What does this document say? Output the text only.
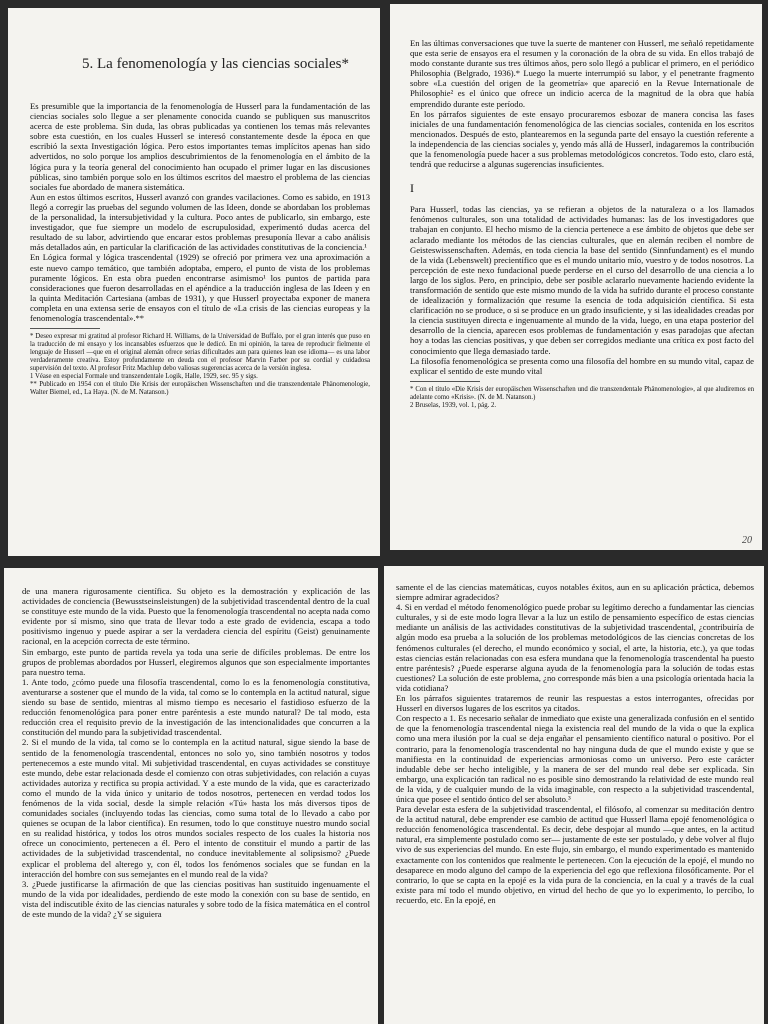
5. La fenomenología y las ciencias sociales*

Es presumible que la importancia de la fenomenología de Husserl para la fundamentación de las ciencias sociales solo llegue a ser plenamente conocida cuando se publiquen sus manuscritos acerca de este problema. Sin duda, las obras publicadas ya contienen los temas más relevantes sobre esta cuestión, en los cuales Husserl se interesó constantemente desde la época en que escribió la sexta Investigación lógica. Pero estos importantes temas implícitos apenas han sido advertidos, no solo porque los amplios descubrimientos de la fenomenología en el ámbito de la lógica pura y la teoría general del conocimiento han ocupado el primer lugar en las discusiones públicas, sino también porque solo en los últimos escritos del maestro el problema de las ciencias sociales fue abordado de manera sistemática.

Aun en estos últimos escritos, Husserl avanzó con grandes vacilaciones. Como es sabido, en 1913 llegó a corregir las pruebas del segundo volumen de las Ideen, donde se abordaban los problemas de la personalidad, la intersubjetividad y la cultura. Poco antes de publicarlo, sin embargo, este investigador, que fue siempre un modelo de escrupulosidad, experimentó dudas acerca del resultado de su labor, advirtiendo que encarar estos problemas presuponía llevar a cabo análisis más detallados aún, en particular la clarificación de las actividades constitutivas de la conciencia.¹

En Lógica formal y lógica trascendental (1929) se ofreció por primera vez una aproximación a este nuevo campo temático, que también adoptaba, empero, el punto de vista de los problemas puramente lógicos. En esta obra pueden encontrarse asimismo¹ los puntos de partida para consideraciones que fueron desarrolladas en el apéndice a la traducción inglesa de las Ideen y en la quinta Meditación Cartesiana (ambas de 1931), y que Husserl proyectaba exponer de manera completa en una extensa serie de ensayos con el título de «La crisis de las ciencias europeas y la fenomenología trascendental».**

* Deseo expresar mi gratitud al profesor Richard H. Williams, de la Universidad de Buffalo, por el gran interés que puso en la traducción de mi ensayo y los incansables esfuerzos que le dedicó. En mi opinión, la tarea de reproducir fielmente el lenguaje de Husserl —que en el original alemán ofrece serias dificultades aun para quienes lean ese idioma— es una labor verdaderamente creativa. Estoy profundamente en deuda con el profesor Marvin Farber por su cordial y cuidadosa supervisión del texto. Al profesor Fritz Machlup debo valiosas sugerencias acerca de la versión inglesa.

1 Véase en especial Formale und transzendentale Logik, Halle, 1929, sec. 95 y sigs.

** Publicado en 1954 con el título Die Krisis der europäischen Wissenschaften und die transzendentale Phänomenologie, Walter Biemel, ed., La Haya. (N. de M. Natanson.)

En las últimas conversaciones que tuve la suerte de mantener con Husserl, me señaló repetidamente que esta serie de ensayos era el resumen y la coronación de la obra de su vida. En ellos trabajó de modo constante durante sus tres últimos años, pero solo llegó a publicar el primero, en el periódico Philosophia (Belgrado, 1936).* Luego la muerte interrumpió su labor, y el penetrante fragmento sobre «La cuestión del origen de la geometría» que apareció en la Revue Internationale de Philosophie² es el único que ofrece un indicio acerca de la magnitud de la obra que había emprendido durante este período.

En los párrafos siguientes de este ensayo procuraremos esbozar de manera concisa las fases iniciales de una fundamentación fenomenológica de las ciencias sociales, contenida en los escritos mencionados. Después de esto, plantearemos en la segunda parte del ensayo la cuestión referente a la independencia de las ciencias sociales y, yendo más allá de Husserl, indagaremos la contribución que la fenomenología puede hacer a sus problemas metodológicos concretos. Todo esto, claro está, tendrá que reducirse a algunas sugerencias insuficientes.

I

Para Husserl, todas las ciencias, ya se refieran a objetos de la naturaleza o a los llamados fenómenos culturales, son una totalidad de actividades humanas: las de los investigadores que trabajan en conjunto. El hecho mismo de la ciencia pertenece a ese ámbito de objetos que debe ser aclarado mediante los métodos de las ciencias culturales, que en alemán reciben el nombre de Geisteswissenschaften. Además, en toda ciencia la base del sentido (Sinnfundament) es el mundo de la vida (Lebenswelt) precientífico que es el mundo unitario mío, vuestro y de todos nosotros. La percepción de este nexo fundacional puede perderse en el curso del desarrollo de una ciencia a lo largo de los siglos. Pero, en principio, debe ser posible aclararlo nuevamente haciendo evidente la transformación de sentido que este mismo mundo de la vida ha sufrido durante el proceso constante de idealización y formalización que resume la esencia de toda adquisición científica. Si esta clarificación no se produce, o si se produce en un grado insuficiente, y si las idealidades creadas por la ciencia sustituyen directa e ingenuamente al mundo de la vida, luego, en una etapa posterior del desarrollo de la ciencia, aparecen esos problemas de fundamentación y esas paradojas que afectan hoy a todas las ciencias positivas, y que deben ser corregidos mediante una crítica ex post facto del conocimiento que llega demasiado tarde.

La filosofía fenomenológica se presenta como una filosofía del hombre en su mundo vital, capaz de explicar el sentido de este mundo vital

* Con el título «Die Krisis der europäischen Wissenschaften und die transzendentale Phänomenologie», al que aludiremos en adelante como «Krisis». (N. de M. Natanson.)

2 Bruselas, 1939, vol. 1, pág. 2.

20

de una manera rigurosamente científica. Su objeto es la demostración y explicación de las actividades de conciencia (Bewusstseinsleistungen) de la subjetividad trascendental dentro de la cual se constituye este mundo de la vida. Puesto que la fenomenología trascendental no acepta nada como evidente por sí mismo, sino que trata de llevar todo a este grado de evidencia, escapa a todo positivismo ingenuo y puede aspirar a ser la verdadera ciencia del espíritu (Geist) genuinamente racional, en la acepción correcta de este término.

Sin embargo, este punto de partida revela ya toda una serie de difíciles problemas. De entre los grupos de problemas abordados por Husserl, elegiremos algunos que son especialmente importantes para nuestro tema.

1. Ante todo, ¿cómo puede una filosofía trascendental, como lo es la fenomenología constitutiva, aventurarse a sostener que el mundo de la vida, tal como se lo contempla en la actitud natural, sigue siendo su base de sentido, mientras al mismo tiempo es necesario el fastidioso esfuerzo de la reducción fenomenológica para poner entre paréntesis a este mundo natural? De tal modo, esta reducción crea el requisito previo de la investigación de las intencionalidades que concurren a la constitución del mundo para la subjetividad trascendental.

2. Si el mundo de la vida, tal como se lo contempla en la actitud natural, sigue siendo la base de sentido de la fenomenología trascendental, entonces no solo yo, sino también nosotros y todos pertenecemos a este mundo vital. Mi subjetividad trascendental, en cuyas actividades se constituye este mundo, debe estar relacionada desde el comienzo con otras subjetividades, con relación a cuyas actividades autoriza y rectifica su propia actividad. Y a este mundo de la vida, que es caracterizado como el mundo de la vida único y unitario de todos nosotros, pertenecen en verdad todos los fenómenos de la vida social, desde la simple relación «Tú» hasta los más diversos tipos de comunidades sociales (incluyendo todas las ciencias, como suma total de lo llevado a cabo por quienes se ocupan de la labor científica). En resumen, todo lo que constituye nuestro mundo social en su realidad histórica, y todos los otros mundos sociales respecto de los cuales la historia nos ofrece un conocimiento, pertenecen a él. Pero el intento de constituir el mundo a partir de las actividades de la subjetividad trascendental, no conduce inevitablemente al solipsismo? ¿Puede explicar el problema del alterego y, con él, todos los fenómenos sociales que se fundan en la interacción del hombre con sus semejantes en el mundo real de la vida?

3. ¿Puede justificarse la afirmación de que las ciencias positivas han sustituido ingenuamente el mundo de la vida por idealidades, perdiendo de este modo la conexión con su base de sentido, en vista del indiscutible éxito de las ciencias naturales y sobre todo de la física matemática en el control de este mundo de la vida? ¿Y se siguiera

samente el de las ciencias matemáticas, cuyos notables éxitos, aun en su aplicación práctica, debemos siempre admirar agradecidos?

4. Si en verdad el método fenomenológico puede probar su legítimo derecho a fundamentar las ciencias culturales, y si de este modo logra llevar a la luz un estilo de pensamiento específico de estas ciencias mediante un análisis de las actividades constitutivas de la subjetividad trascendental, ¿contribuiría de algún modo esa prueba a la solución de los problemas metodológicos de las ciencias concretas de los fenómenos culturales (el derecho, el mundo económico y social, el arte, la historia, etc.), ya que todas estas ciencias están relacionadas con esa esfera mundana que la fenomenología trascendental ha puesto entre paréntesis? ¿Puede esperarse alguna ayuda de la fenomenología para la solución de todas estas cuestiones? La solución de este problema, ¿no corresponde más bien a una psicología orientada hacia la vida cotidiana?

En los párrafos siguientes trataremos de reunir las respuestas a estos interrogantes, ofrecidas por Husserl en diversos lugares de los escritos ya citados.

Con respecto a 1. Es necesario señalar de inmediato que existe una generalizada confusión en el sentido de que la fenomenología trascendental niega la existencia real del mundo de la vida o que la explica como una mera ilusión por la cual se deja engañar el pensamiento científico natural o positivo. Por el contrario, para la fenomenología trascendental no hay ninguna duda de que el mundo existe y que se manifiesta en la continuidad de experiencias armoniosas como un universo. Pero este carácter indudable debe ser hecho inteligible, y la manera de ser del mundo real debe ser explicada. Sin embargo, una explicación tan radical no es posible sino demostrando la relatividad de este mundo real de la vida, y de cualquier mundo de la vida imaginable, con respecto a la subjetividad trascendental, única que posee el sentido óntico del ser absoluto.³

Para develar esta esfera de la subjetividad trascendental, el filósofo, al comenzar su meditación dentro de la actitud natural, debe emprender ese cambio de actitud que Husserl llama epojé fenomenológica o reducción fenomenológica trascendental. Es decir, debe despojar al mundo —que antes, en la actitud natural, era simplemente postulado como ser— justamente de este ser postulado, y debe volver al flujo vivo de sus experiencias del mundo. En este flujo, sin embargo, el mundo experimentado es mantenido exactamente con los contenidos que realmente le pertenecen. Con la ejecución de la epojé, el mundo no desaparece en modo alguno del campo de la experiencia del ego que reflexiona filosóficamente. Por el contrario, lo que se capta en la epojé es la vida pura de la conciencia, en la cual y a través de la cual existe para mí todo el mundo objetivo, en virtud del hecho de que yo lo experimento, lo percibo, lo recuerdo, etc. En la epojé, en
